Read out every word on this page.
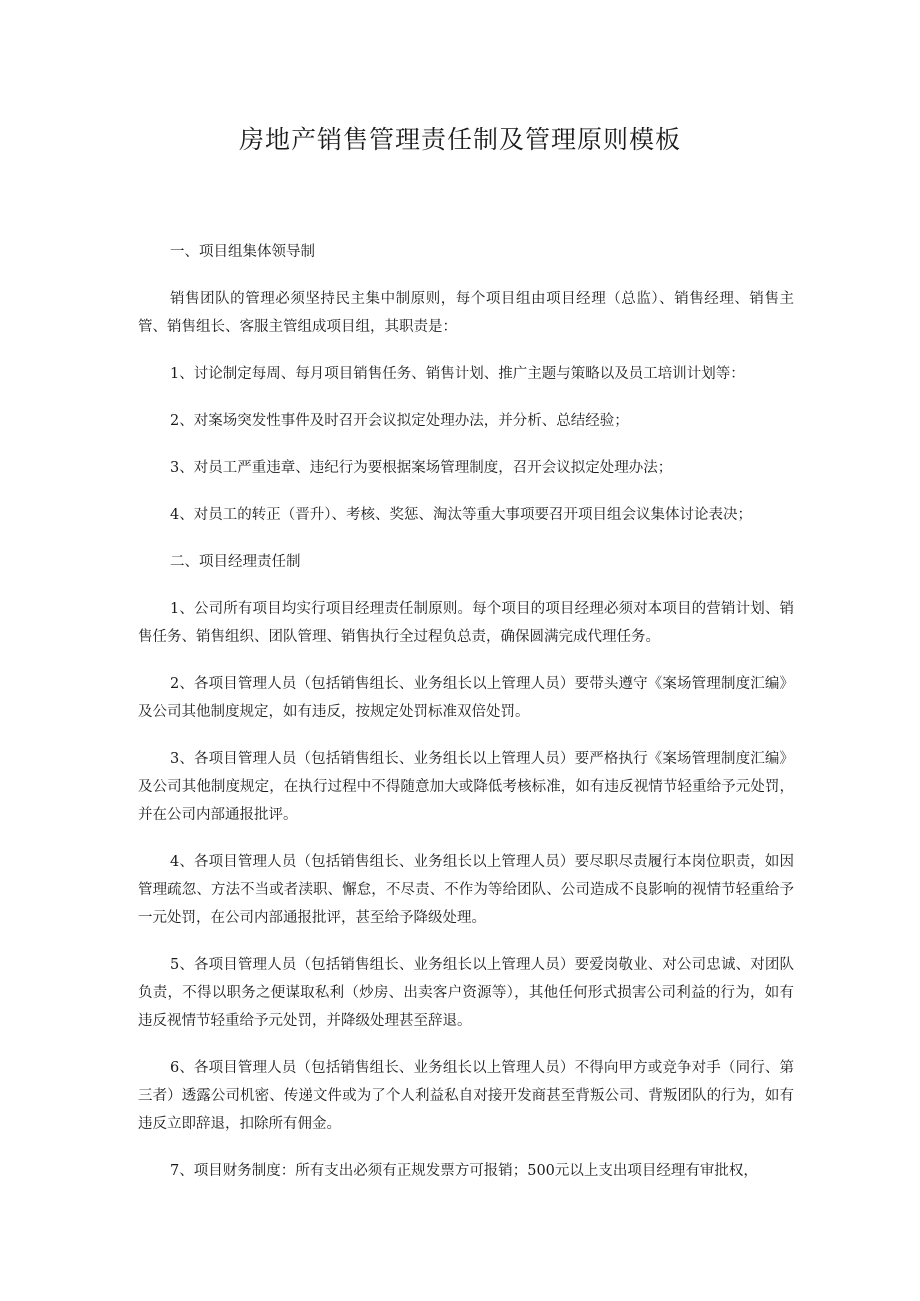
房地产销售管理责任制及管理原则模板
一、项目组集体领导制

销售团队的管理必须坚持民主集中制原则，每个项目组由项目经理（总监）、销售经理、销售主管、销售组长、客服主管组成项目组，其职责是：

1、讨论制定每周、每月项目销售任务、销售计划、推广主题与策略以及员工培训计划等：

2、对案场突发性事件及时召开会议拟定处理办法，并分析、总结经验；

3、对员工严重违章、违纪行为要根据案场管理制度，召开会议拟定处理办法；

4、对员工的转正（晋升）、考核、奖惩、淘汰等重大事项要召开项目组会议集体讨论表决；

二、项目经理责任制

1、公司所有项目均实行项目经理责任制原则。每个项目的项目经理必须对本项目的营销计划、销售任务、销售组织、团队管理、销售执行全过程负总责，确保圆满完成代理任务。

2、各项目管理人员（包括销售组长、业务组长以上管理人员）要带头遵守《案场管理制度汇编》及公司其他制度规定，如有违反，按规定处罚标准双倍处罚。

3、各项目管理人员（包括销售组长、业务组长以上管理人员）要严格执行《案场管理制度汇编》及公司其他制度规定，在执行过程中不得随意加大或降低考核标准，如有违反视情节轻重给予元处罚，并在公司内部通报批评。

4、各项目管理人员（包括销售组长、业务组长以上管理人员）要尽职尽责履行本岗位职责，如因管理疏忽、方法不当或者渎职、懈怠，不尽责、不作为等给团队、公司造成不良影响的视情节轻重给予一元处罚，在公司内部通报批评，甚至给予降级处理。

5、各项目管理人员（包括销售组长、业务组长以上管理人员）要爱岗敬业、对公司忠诚、对团队负责，不得以职务之便谋取私利（炒房、出卖客户资源等），其他任何形式损害公司利益的行为，如有违反视情节轻重给予元处罚，并降级处理甚至辞退。

6、各项目管理人员（包括销售组长、业务组长以上管理人员）不得向甲方或竞争对手（同行、第三者）透露公司机密、传递文件或为了个人利益私自对接开发商甚至背叛公司、背叛团队的行为，如有违反立即辞退，扣除所有佣金。

7、项目财务制度：所有支出必须有正规发票方可报销；500元以上支出项目经理有审批权，
